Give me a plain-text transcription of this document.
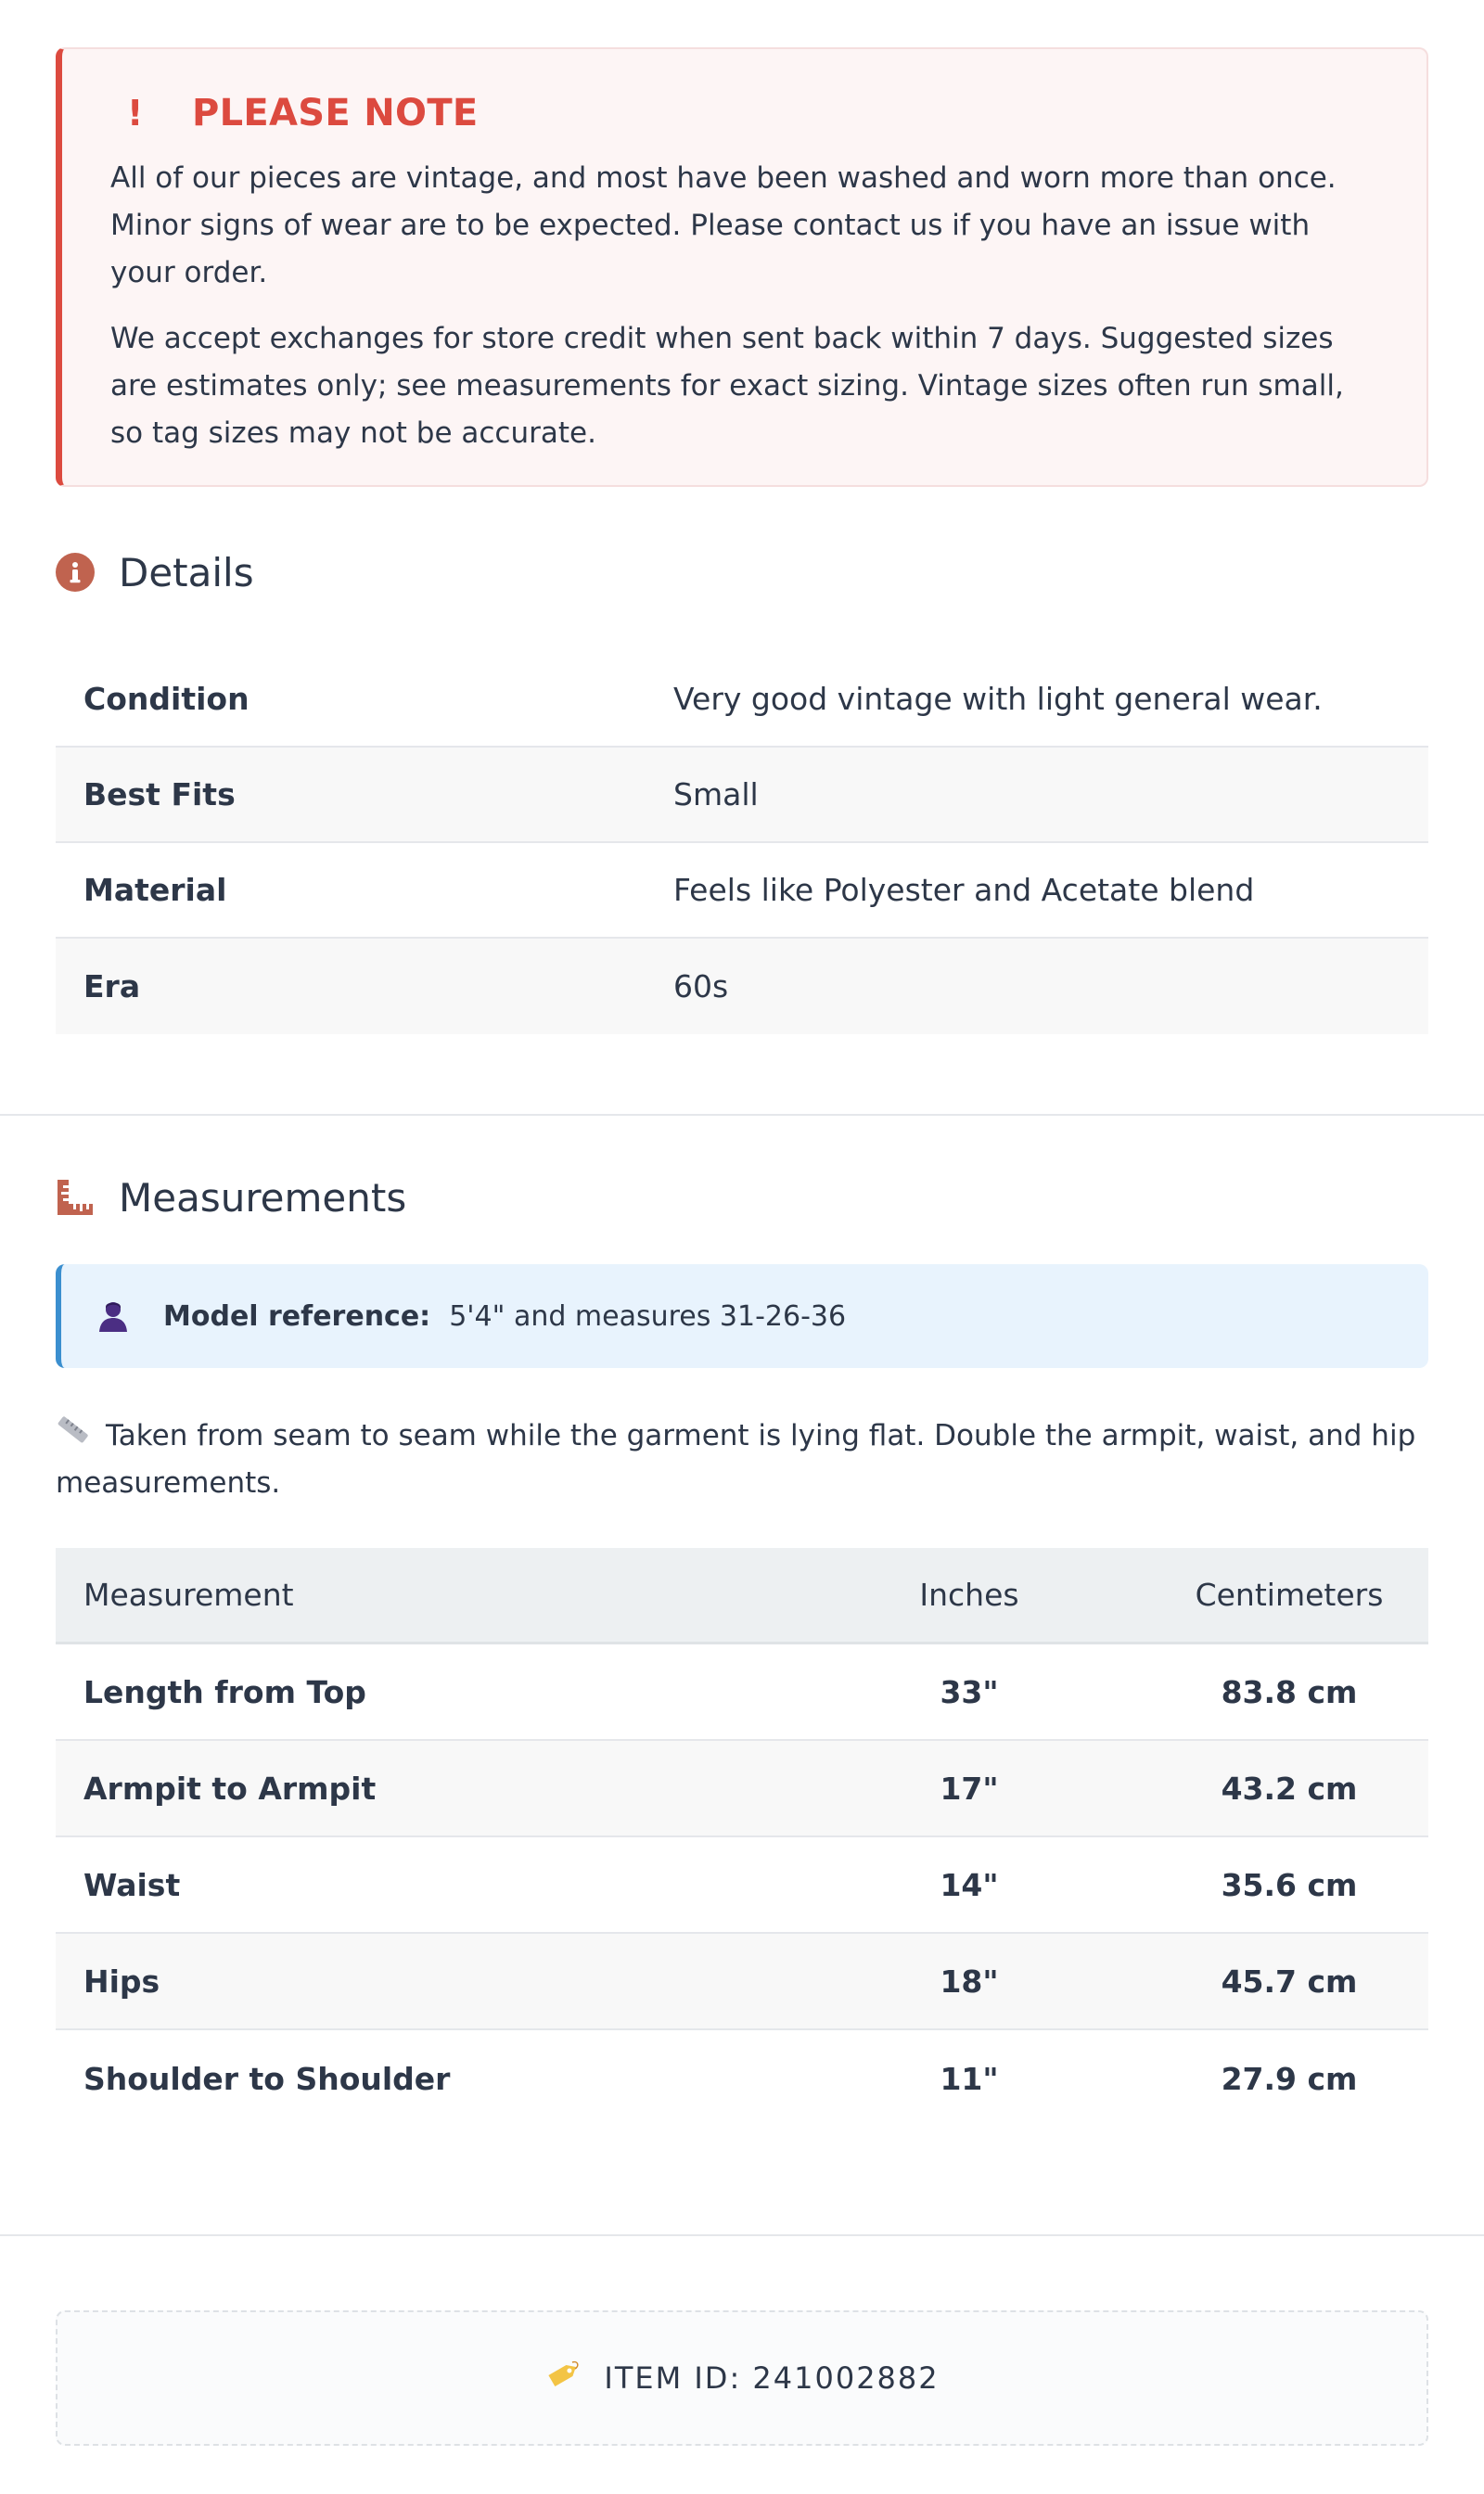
! PLEASE NOTE

All of our pieces are vintage, and most have been washed and worn more than once. Minor signs of wear are to be expected. Please contact us if you have an issue with your order.

We accept exchanges for store credit when sent back within 7 days. Suggested sizes are estimates only; see measurements for exact sizing. Vintage sizes often run small, so tag sizes may not be accurate.

Details
Condition	Very good vintage with light general wear.
Best Fits	Small
Material	Feels like Polyester and Acetate blend
Era	60s
Measurements
Model reference: 5'4" and measures 31-26-36
Taken from seam to seam while the garment is lying flat. Double the armpit, waist, and hip measurements.
Measurement	Inches	Centimeters
Length from Top	33"	83.8 cm
Armpit to Armpit	17"	43.2 cm
Waist	14"	35.6 cm
Hips	18"	45.7 cm
Shoulder to Shoulder	11"	27.9 cm
ITEM ID: 241002882
